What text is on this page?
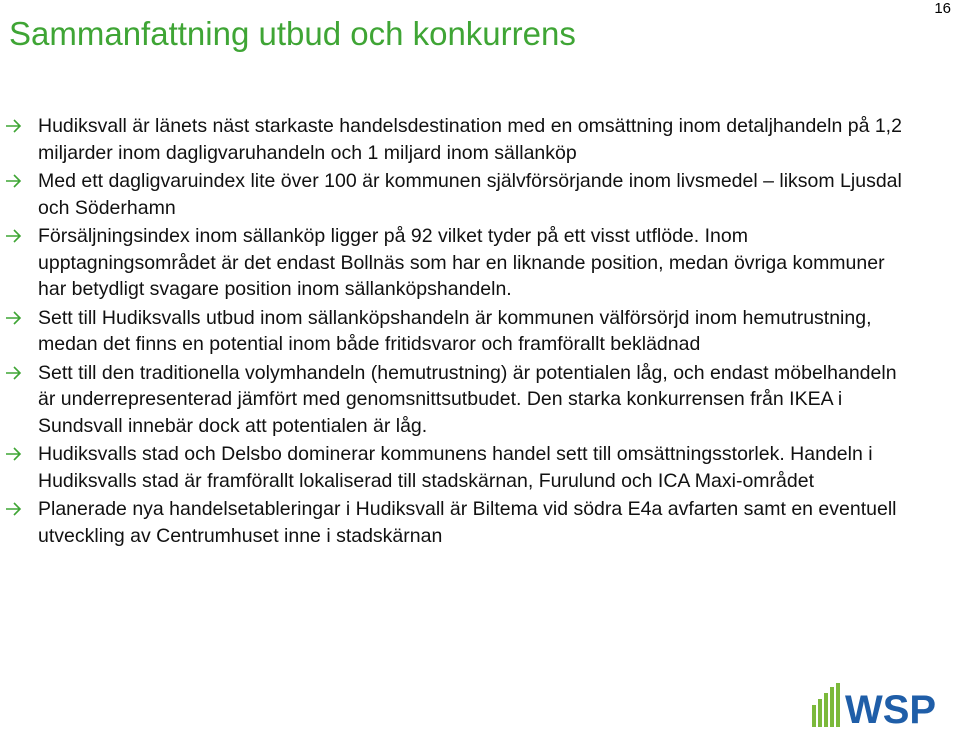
Sammanfattning utbud och konkurrens
16
Hudiksvall är länets näst starkaste handelsdestination med en omsättning inom detaljhandeln på 1,2 miljarder inom dagligvaruhandeln och 1 miljard inom sällanköp
Med ett dagligvaruindex lite över 100 är kommunen självförsörjande inom livsmedel – liksom Ljusdal och Söderhamn
Försäljningsindex inom sällanköp ligger på 92 vilket tyder på ett visst utflöde. Inom upptagningsområdet är det endast Bollnäs som har en liknande position, medan övriga kommuner har betydligt svagare position inom sällanköpshandeln.
Sett till Hudiksvalls utbud inom sällanköpshandeln är kommunen välförsörjd inom hemutrustning, medan det finns en potential inom både fritidsvaror och framförallt beklädnad
Sett till den traditionella volymhandeln (hemutrustning) är potentialen låg, och endast möbelhandeln är underrepresenterad jämfört med genomsnittsutbudet. Den starka konkurrensen från IKEA i Sundsvall innebär dock att potentialen är låg.
Hudiksvalls stad och Delsbo dominerar kommunens handel sett till omsättningsstorlek. Handeln i Hudiksvalls stad är framförallt lokaliserad till stadskärnan, Furulund och ICA Maxi-området
Planerade nya handelsetableringar i Hudiksvall är Biltema vid södra E4a avfarten samt en eventuell utveckling av Centrumhuset inne i stadskärnan
WSP
